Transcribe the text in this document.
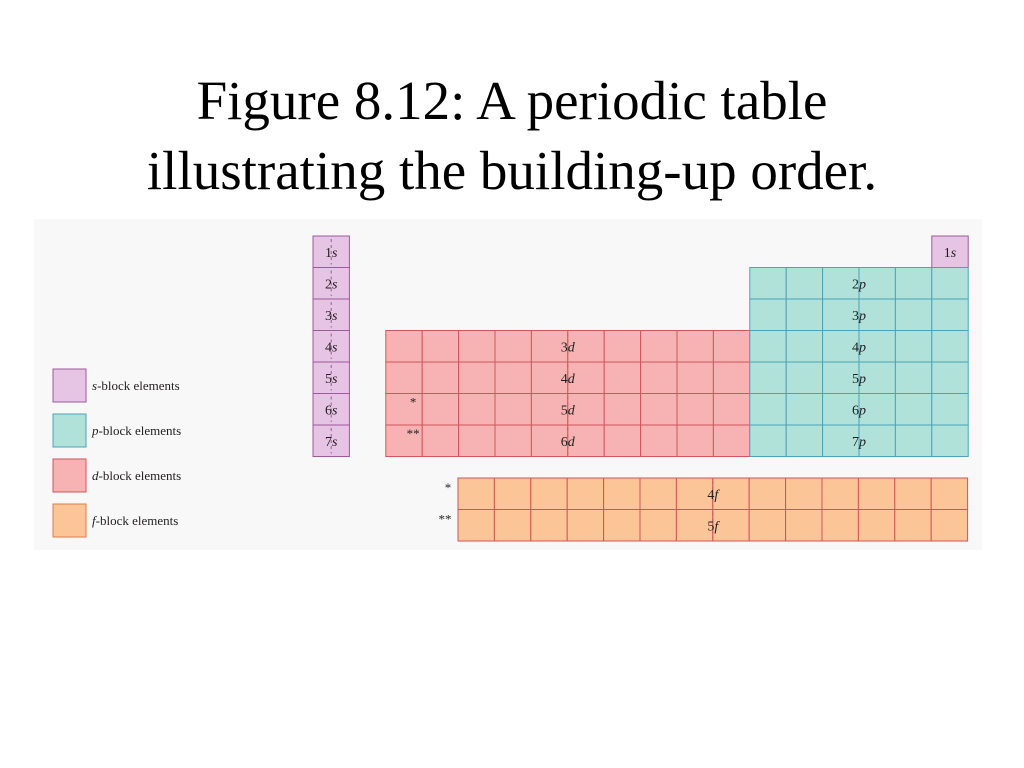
Figure 8.12: A periodic table
illustrating the building-up order.
1s
2s
3s
4s
5s
6s
7s
1s
3d
4d
5d
6d
*
**
2p
3p
4p
5p
6p
7p
4f
5f
*
**
s-block elements
p-block elements
d-block elements
f-block elements
